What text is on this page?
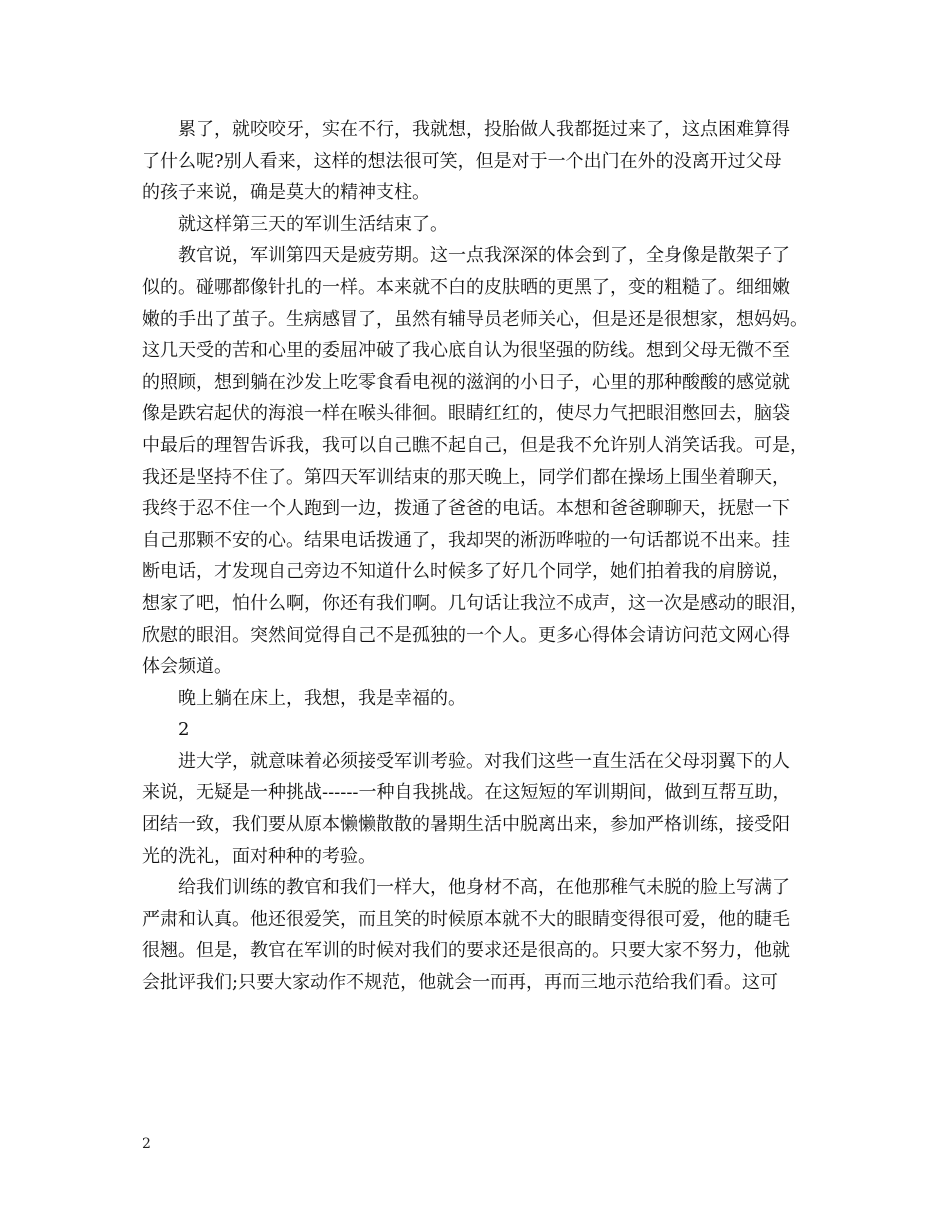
累了，就咬咬牙，实在不行，我就想，投胎做人我都挺过来了，这点困难算得
了什么呢?别人看来，这样的想法很可笑，但是对于一个出门在外的没离开过父母
的孩子来说，确是莫大的精神支柱。
就这样第三天的军训生活结束了。
教官说，军训第四天是疲劳期。这一点我深深的体会到了，全身像是散架子了
似的。碰哪都像针扎的一样。本来就不白的皮肤晒的更黑了，变的粗糙了。细细嫩
嫩的手出了茧子。生病感冒了，虽然有辅导员老师关心，但是还是很想家，想妈妈。
这几天受的苦和心里的委屈冲破了我心底自认为很坚强的防线。想到父母无微不至
的照顾，想到躺在沙发上吃零食看电视的滋润的小日子，心里的那种酸酸的感觉就
像是跌宕起伏的海浪一样在喉头徘徊。眼睛红红的，使尽力气把眼泪憋回去，脑袋
中最后的理智告诉我，我可以自己瞧不起自己，但是我不允许别人消笑话我。可是，
我还是坚持不住了。第四天军训结束的那天晚上，同学们都在操场上围坐着聊天，
我终于忍不住一个人跑到一边，拨通了爸爸的电话。本想和爸爸聊聊天，抚慰一下
自己那颗不安的心。结果电话拨通了，我却哭的淅沥哗啦的一句话都说不出来。挂
断电话，才发现自己旁边不知道什么时候多了好几个同学，她们拍着我的肩膀说，
想家了吧，怕什么啊，你还有我们啊。几句话让我泣不成声，这一次是感动的眼泪，
欣慰的眼泪。突然间觉得自己不是孤独的一个人。更多心得体会请访问范文网心得
体会频道。
晚上躺在床上，我想，我是幸福的。
2
进大学，就意味着必须接受军训考验。对我们这些一直生活在父母羽翼下的人
来说，无疑是一种挑战------一种自我挑战。在这短短的军训期间，做到互帮互助，
团结一致，我们要从原本懒懒散散的暑期生活中脱离出来，参加严格训练，接受阳
光的洗礼，面对种种的考验。
给我们训练的教官和我们一样大，他身材不高，在他那稚气未脱的脸上写满了
严肃和认真。他还很爱笑，而且笑的时候原本就不大的眼睛变得很可爱，他的睫毛
很翘。但是，教官在军训的时候对我们的要求还是很高的。只要大家不努力，他就
会批评我们;只要大家动作不规范，他就会一而再，再而三地示范给我们看。这可
2
